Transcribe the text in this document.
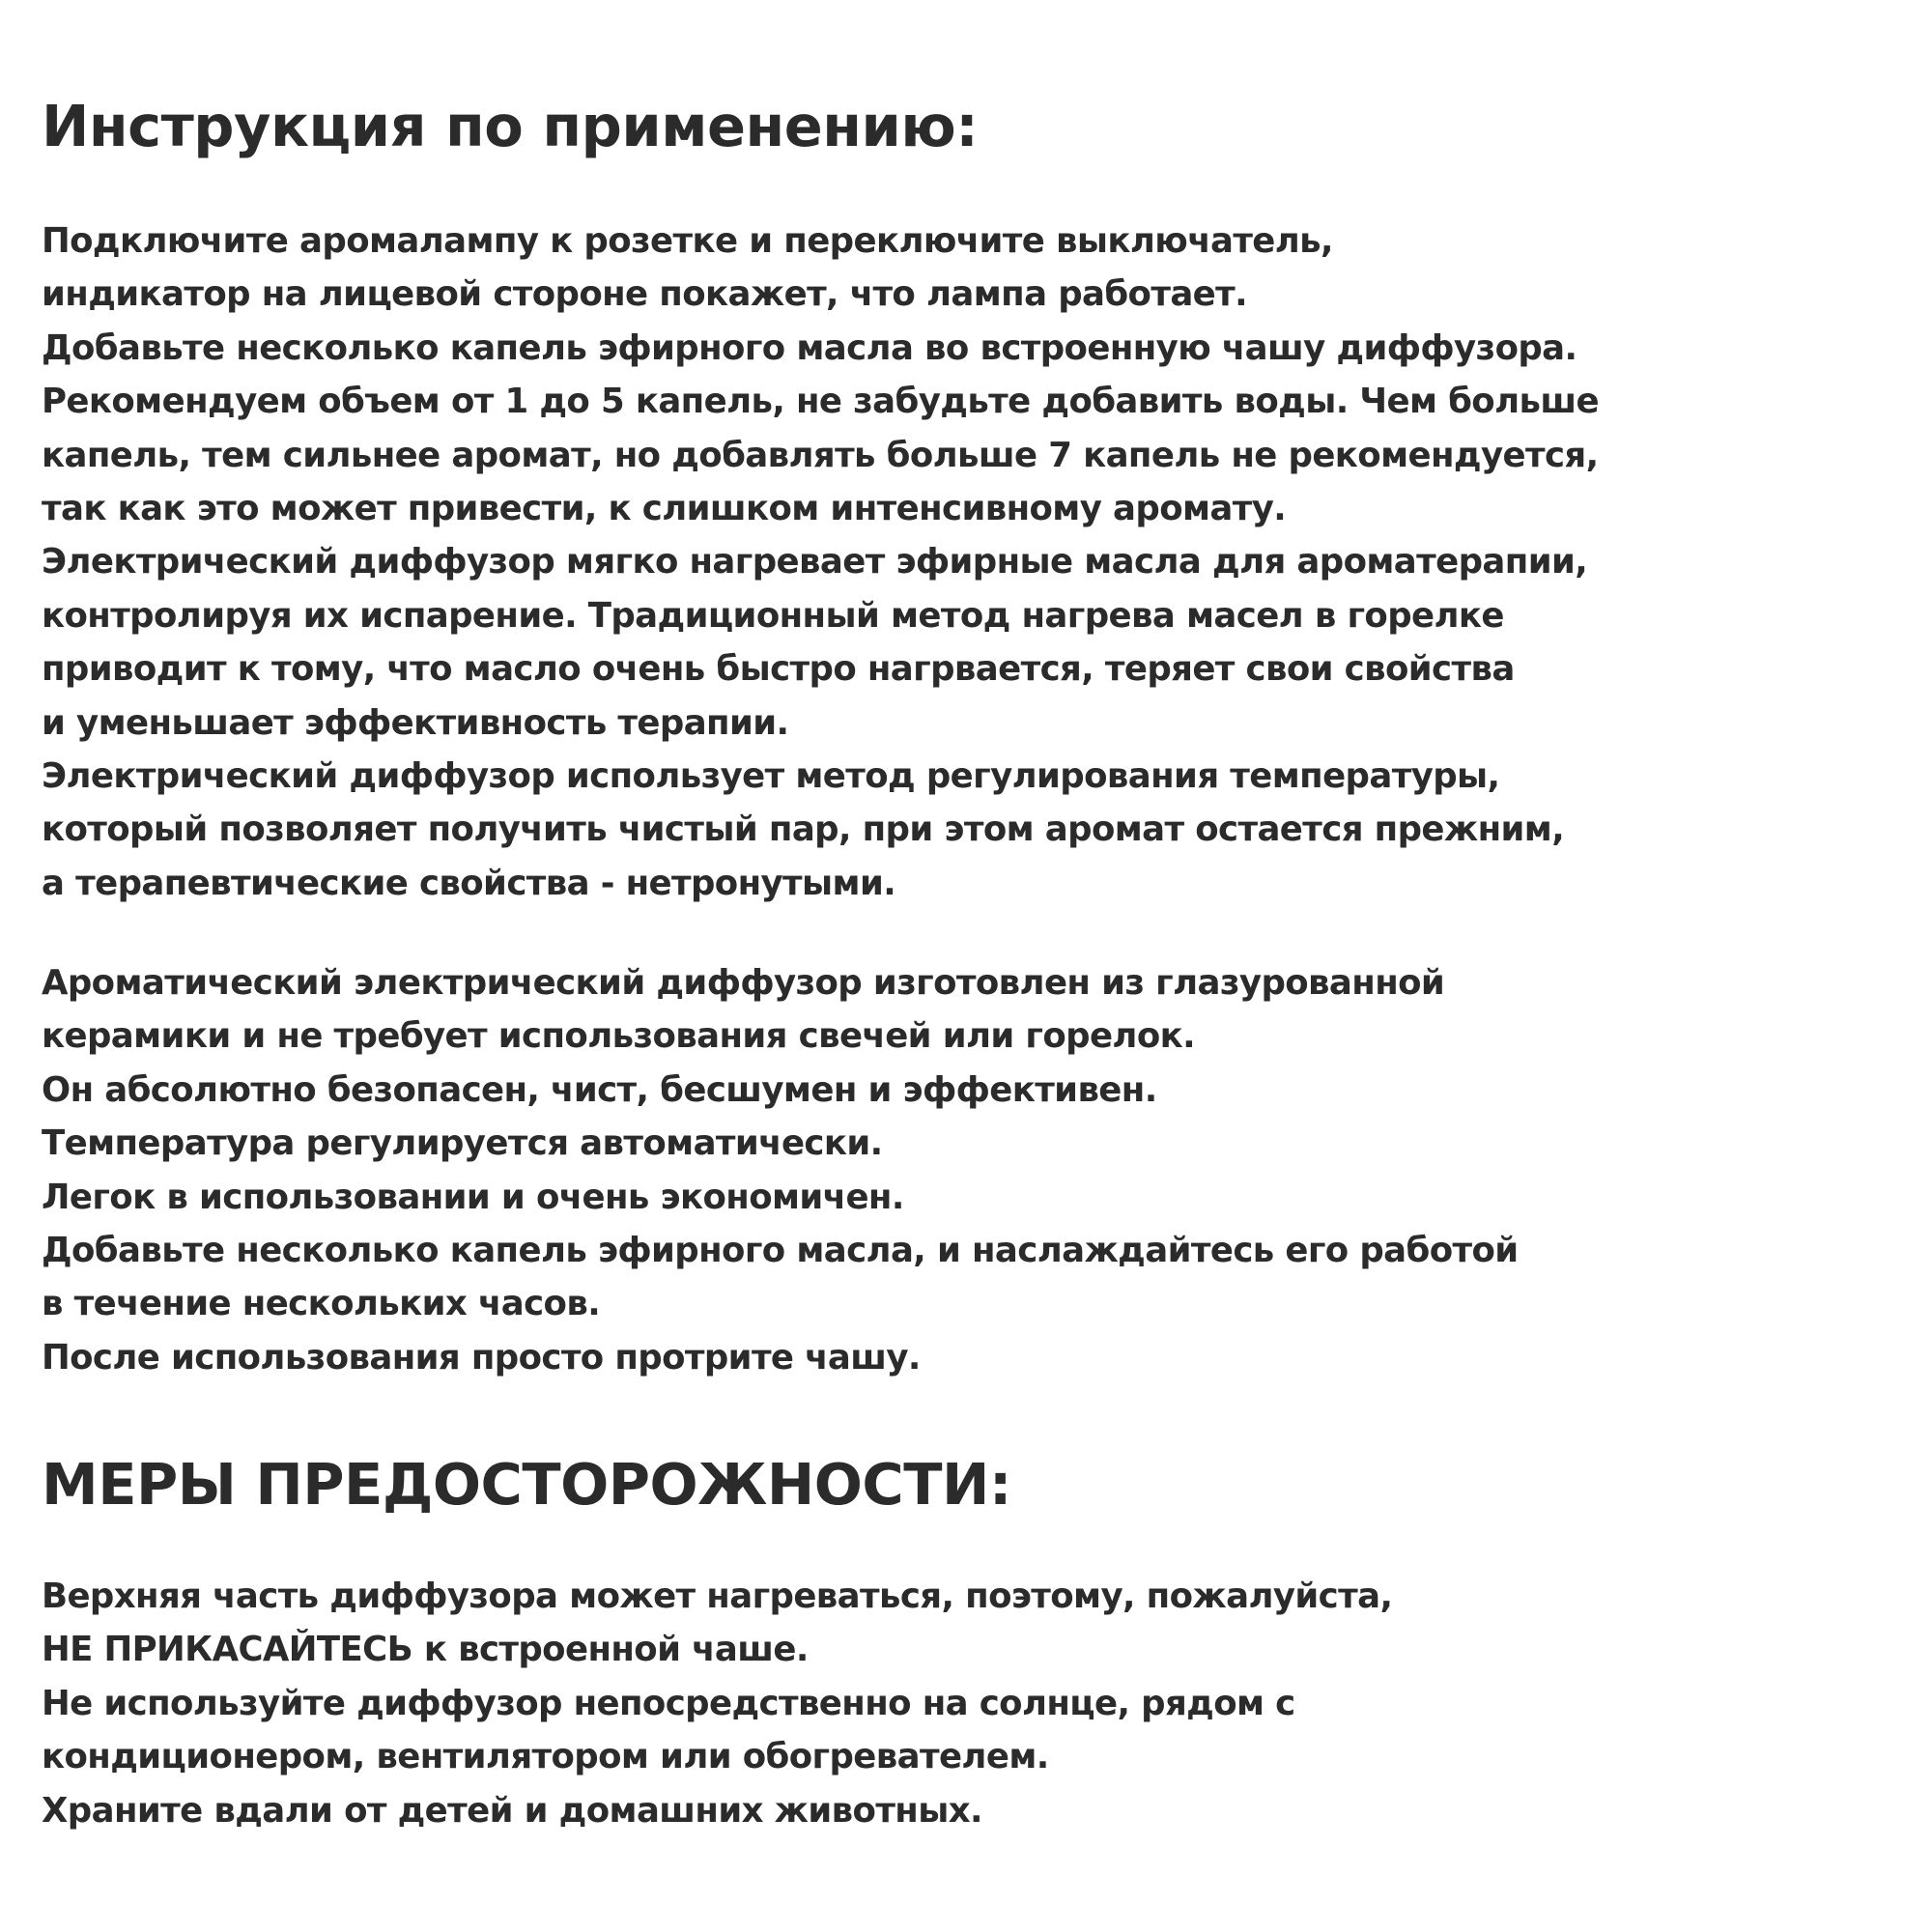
Инструкция по применению:
Подключите аромалампу к розетке и переключите выключатель,
индикатор на лицевой стороне покажет, что лампа работает.
Добавьте несколько капель эфирного масла во встроенную чашу диффузора.
Рекомендуем объем от 1 до 5 капель, не забудьте добавить воды. Чем больше
капель, тем сильнее аромат, но добавлять больше 7 капель не рекомендуется,
так как это может привести, к слишком интенсивному аромату.
Электрический диффузор мягко нагревает эфирные масла для ароматерапии,
контролируя их испарение. Традиционный метод нагрева масел в горелке
приводит к тому, что масло очень быстро нагрвается, теряет свои свойства
и уменьшает эффективность терапии.
Электрический диффузор использует метод регулирования температуры,
который позволяет получить чистый пар, при этом аромат остается прежним,
а терапевтические свойства - нетронутыми.
Ароматический электрический диффузор изготовлен из глазурованной
керамики и не требует использования свечей или горелок.
Он абсолютно безопасен, чист, бесшумен и эффективен.
Температура регулируется автоматически.
Легок в использовании и очень экономичен.
Добавьте несколько капель эфирного масла, и наслаждайтесь его работой
в течение нескольких часов.
После использования просто протрите чашу.
МЕРЫ ПРЕДОСТОРОЖНОСТИ:
Верхняя часть диффузора может нагреваться, поэтому, пожалуйста,
НЕ ПРИКАСАЙТЕСЬ к встроенной чаше.
Не используйте диффузор непосредственно на солнце, рядом с
кондиционером, вентилятором или обогревателем.
Храните вдали от детей и домашних животных.
